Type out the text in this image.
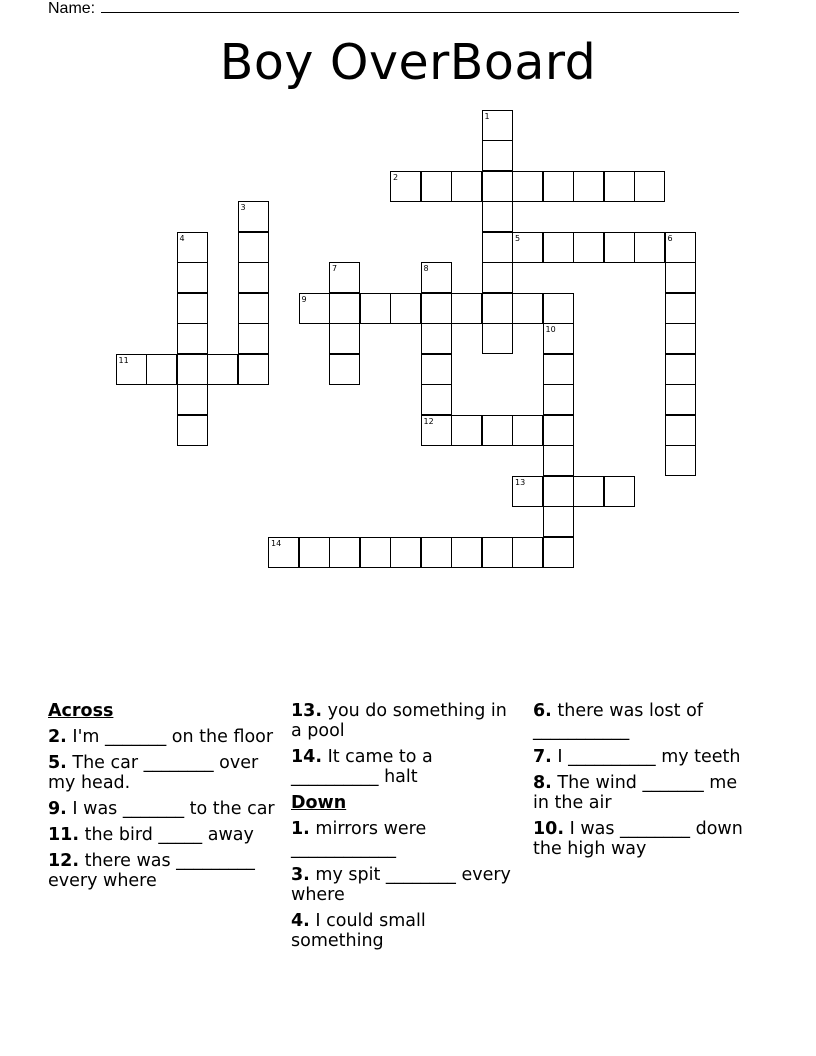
Name:
Boy OverBoard
1
2
3
4	5	6
7	8
12
9
10
11
13
14
Across
2. I'm _______ on the floor
5. The car ________ over my head.
9. I was _______ to the car
11. the bird _____ away
12. there was _________ every where
13. you do something in a pool
14. It came to a __________ halt
Down
1. mirrors were ____________
3. my spit ________ every where
4. I could small something
6. there was lost of ___________
7. I __________ my teeth
8. The wind _______ me in the air
10. I was ________ down the high way
